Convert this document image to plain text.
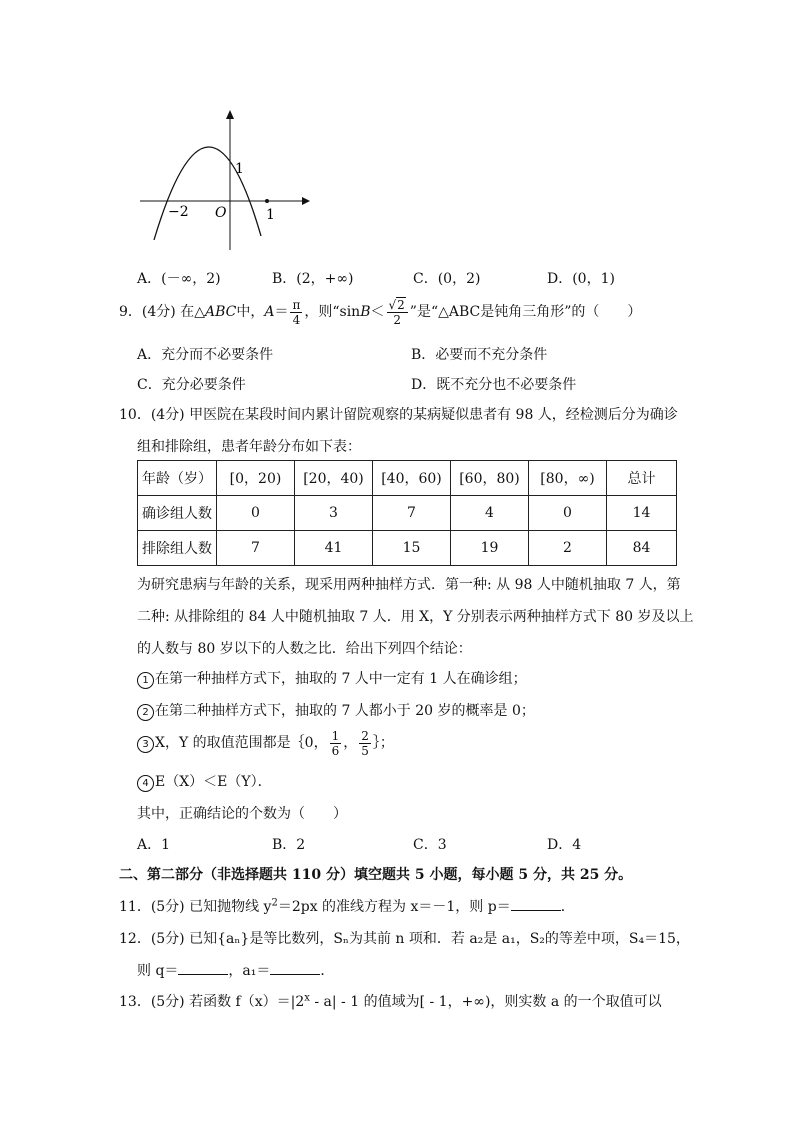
1
−2 O	1
A．(－∞，2)	B．(2，+∞)	C．(0，2)	D．(0，1)
9．(4分) 在△ABC中，$A= \frac{\pi}{4}$ ，则“$\sin B< \frac{√2}{2}$ ”是“△ABC是钝角三角形”的（　　）
A．充分而不必要条件	B．必要而不充分条件
C．充分必要条件	D．既不充分也不必要条件
10．(4分) 甲医院在某段时间内累计留院观察的某病疑似患者有 98 人，经检测后分为确诊
组和排除组，患者年龄分布如下表：
年龄（岁）	[0，20)	[20，40)	[40，60)	[60，80)	[80，∞)	总计
确诊组人数	0	3	7	4	0	14
排除组人数	7	41	15	19	2	84
为研究患病与年龄的关系，现采用两种抽样方式．第一种: 从 98 人中随机抽取 7 人，第
二种: 从排除组的 84 人中随机抽取 7 人．用 X，Y 分别表示两种抽样方式下 80 岁及以上
的人数与 80 岁以下的人数之比．给出下列四个结论：
1 在第一种抽样方式下，抽取的 7 人中一定有 1 人在确诊组；
2 在第二种抽样方式下，抽取的 7 人都小于 20 岁的概率是 0；
3 X，Y 的取值范围都是｛0， $\frac{1}{6}$ ， $\frac{2}{5}$ ｝；
4 E（X）＜E（Y）．
其中，正确结论的个数为（　　）
A．1	B．2	C．3	D．4
二、第二部分（非选择题共 110 分）填空题共 5 小题，每小题 5 分，共 25 分。
11．(5分) 已知抛物线 $y^2=2px$ 的准线方程为 x＝－1，则 p＝	．
12．(5分) 已知{aₙ}是等比数列，Sₙ为其前 n 项和．若 a₂是 a₁，S₂的等差中项，S₄＝15，
则 q＝	，a₁＝	．
13．(5分) 若函数 $f(x)=|2^x - a| - 1$ 的值域为[ - 1，+∞)，则实数 a 的一个取值可以
